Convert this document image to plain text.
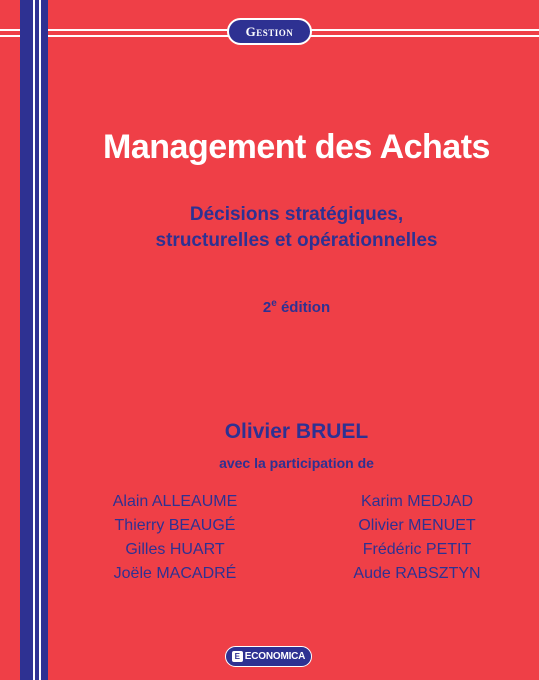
Gestion
Management des Achats
Décisions stratégiques,
structurelles et opérationnelles
2e édition
Olivier BRUEL
avec la participation de
Alain ALLEAUME
Thierry BEAUGÉ
Gilles HUART
Joële MACADRÉ
Karim MEDJAD
Olivier MENUET
Frédéric PETIT
Aude RABSZTYN
E ECONOMICA
